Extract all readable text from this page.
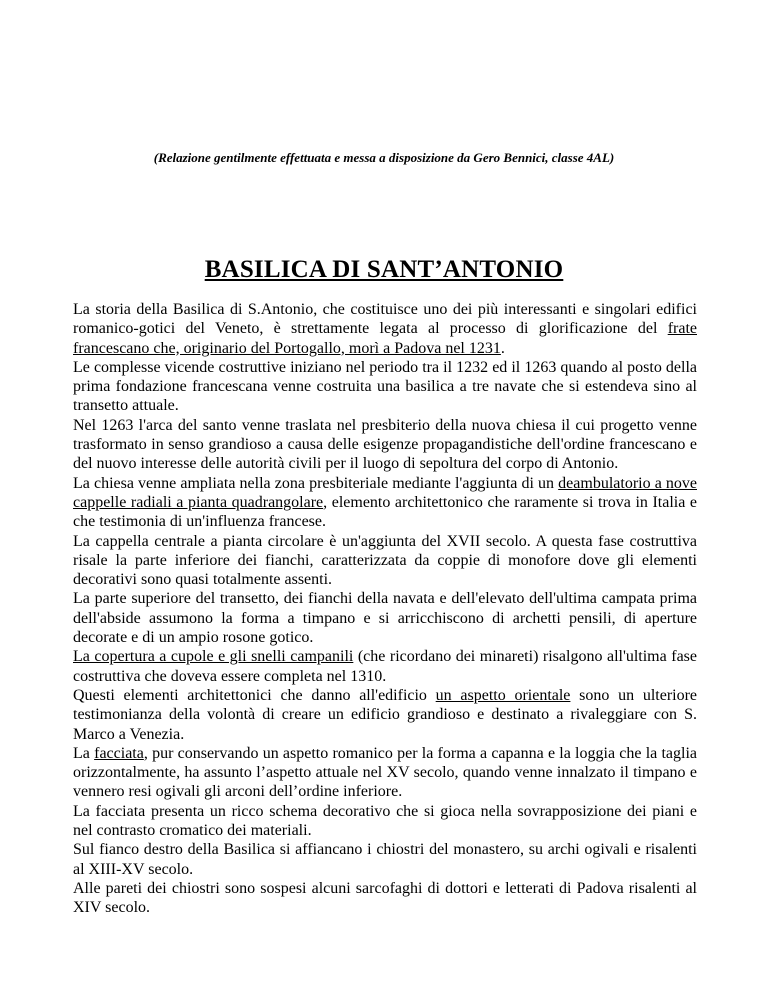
(Relazione gentilmente effettuata e messa a disposizione da Gero Bennici, classe 4AL)

BASILICA DI SANT’ANTONIO

La storia della Basilica di S.Antonio, che costituisce uno dei più interessanti e singolari edifici romanico-gotici del Veneto, è strettamente legata al processo di glorificazione del frate francescano che, originario del Portogallo, morì a Padova nel 1231.

Le complesse vicende costruttive iniziano nel periodo tra il 1232 ed il 1263 quando al posto della prima fondazione francescana venne costruita una basilica a tre navate che si estendeva sino al transetto attuale.

Nel 1263 l'arca del santo venne traslata nel presbiterio della nuova chiesa il cui progetto venne trasformato in senso grandioso a causa delle esigenze propagandistiche dell'ordine francescano e del nuovo interesse delle autorità civili per il luogo di sepoltura del corpo di Antonio.

La chiesa venne ampliata nella zona presbiteriale mediante l'aggiunta di un deambulatorio a nove cappelle radiali a pianta quadrangolare, elemento architettonico che raramente si trova in Italia e che testimonia di un'influenza francese.

La cappella centrale a pianta circolare è un'aggiunta del XVII secolo. A questa fase costruttiva risale la parte inferiore dei fianchi, caratterizzata da coppie di monofore dove gli elementi decorativi sono quasi totalmente assenti.

La parte superiore del transetto, dei fianchi della navata e dell'elevato dell'ultima campata prima dell'abside assumono la forma a timpano e si arricchiscono di archetti pensili, di aperture decorate e di un ampio rosone gotico.

La copertura a cupole e gli snelli campanili (che ricordano dei minareti) risalgono all'ultima fase costruttiva che doveva essere completa nel 1310.

Questi elementi architettonici che danno all'edificio un aspetto orientale sono un ulteriore testimonianza della volontà di creare un edificio grandioso e destinato a rivaleggiare con S. Marco a Venezia.

La facciata, pur conservando un aspetto romanico per la forma a capanna e la loggia che la taglia orizzontalmente, ha assunto l’aspetto attuale nel XV secolo, quando venne innalzato il timpano e vennero resi ogivali gli arconi dell’ordine inferiore.

La facciata presenta un ricco schema decorativo che si gioca nella sovrapposizione dei piani e nel contrasto cromatico dei materiali.

Sul fianco destro della Basilica si affiancano i chiostri del monastero, su archi ogivali e risalenti al XIII-XV secolo.

Alle pareti dei chiostri sono sospesi alcuni sarcofaghi di dottori e letterati di Padova risalenti al XIV secolo.
